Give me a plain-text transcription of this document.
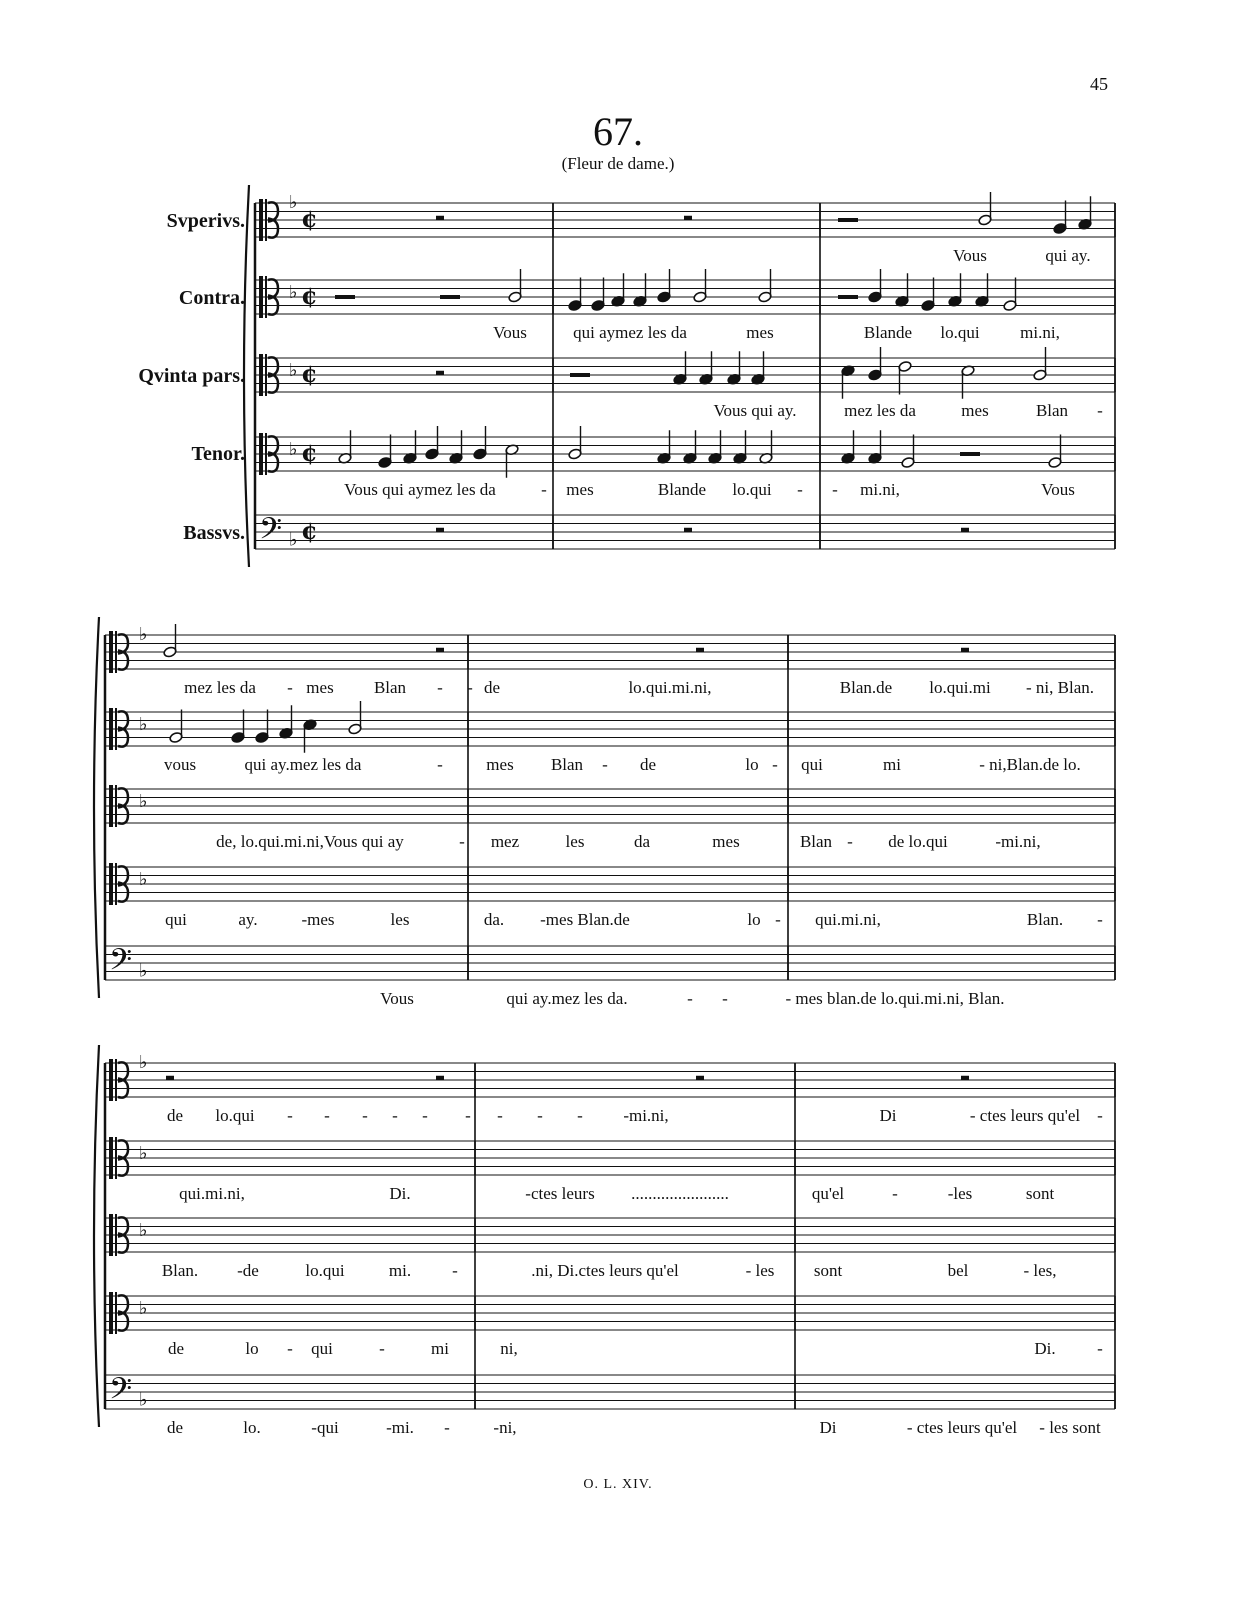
45
67.
(Fleur de dame.)
Svperivs.
Contra.
Qvinta pars.
Tenor.
Bassvs.
♭
¢
♭ ¢
♭ ¢
♭ ¢
𝄢 ♭ ¢
Vous	qui ay.
Vous	qui aymez les da	mes	Blande lo.qui mi.ni,
Vous qui ay.	mez les da	mes	Blan -
Vous qui aymez les da	- mes	Blande lo.qui - - mi.ni,	Vous
♭
♭
♭
♭
𝄢 ♭
mez les da - mes Blan - - de	lo.qui.mi.ni,	Blan.de lo.qui.mi - ni, Blan.
vous	qui ay.mez les da	-	mes Blan - de	lo - qui	mi	- ni,Blan.de lo.
de, lo.qui.mi.ni,Vous qui ay	- mez	les	da	mes	Blan - de lo.qui	-mi.ni,
qui	ay.	-mes	les	da. -mes Blan.de	lo - qui.mi.ni,	Blan. -
Vous	qui ay.mez les da.	- -	- mes blan.de lo.qui.mi.ni, Blan.
♭
♭
♭
♭
𝄢 ♭
de lo.qui - - - - - - - - - -mi.ni,	Di	- ctes leurs qu'el -
qui.mi.ni,	Di.	-ctes leurs .......................	qu'el	-	-les	sont
Blan. -de	lo.qui	mi. -	.ni, Di.ctes leurs qu'el	- les sont	bel	- les,
de	lo - qui	-	mi	ni,	Di. -
de	lo.	-qui	-mi. -	-ni,	Di	- ctes leurs qu'el - les sont
O. L. XIV.
